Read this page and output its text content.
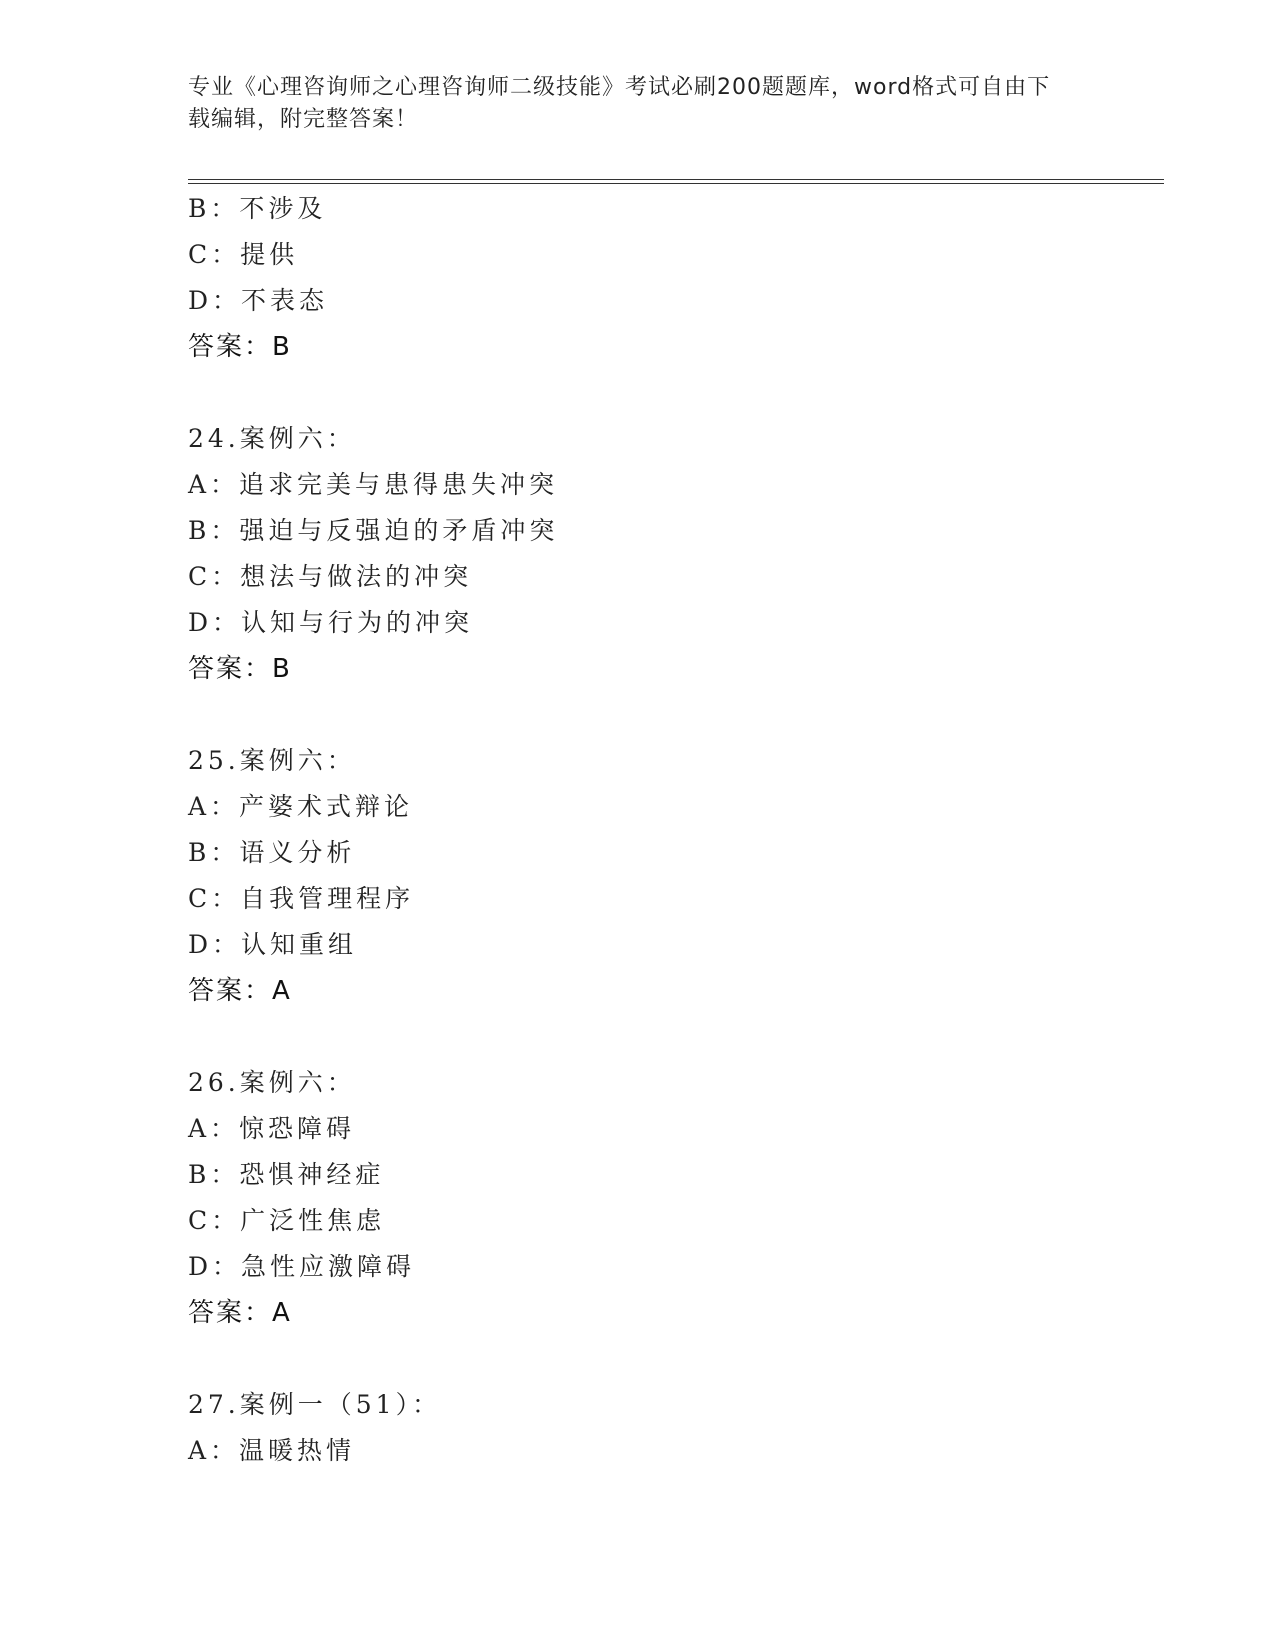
专业《心理咨询师之心理咨询师二级技能》考试必刷200题题库，word格式可自由下载编辑，附完整答案！
B：不涉及
C：提供
D：不表态
答案：B
24.案例六：
A：追求完美与患得患失冲突
B：强迫与反强迫的矛盾冲突
C：想法与做法的冲突
D：认知与行为的冲突
答案：B
25.案例六：
A：产婆术式辩论
B：语义分析
C：自我管理程序
D：认知重组
答案：A
26.案例六：
A：惊恐障碍
B：恐惧神经症
C：广泛性焦虑
D：急性应激障碍
答案：A
27.案例一（51）：
A：温暖热情
